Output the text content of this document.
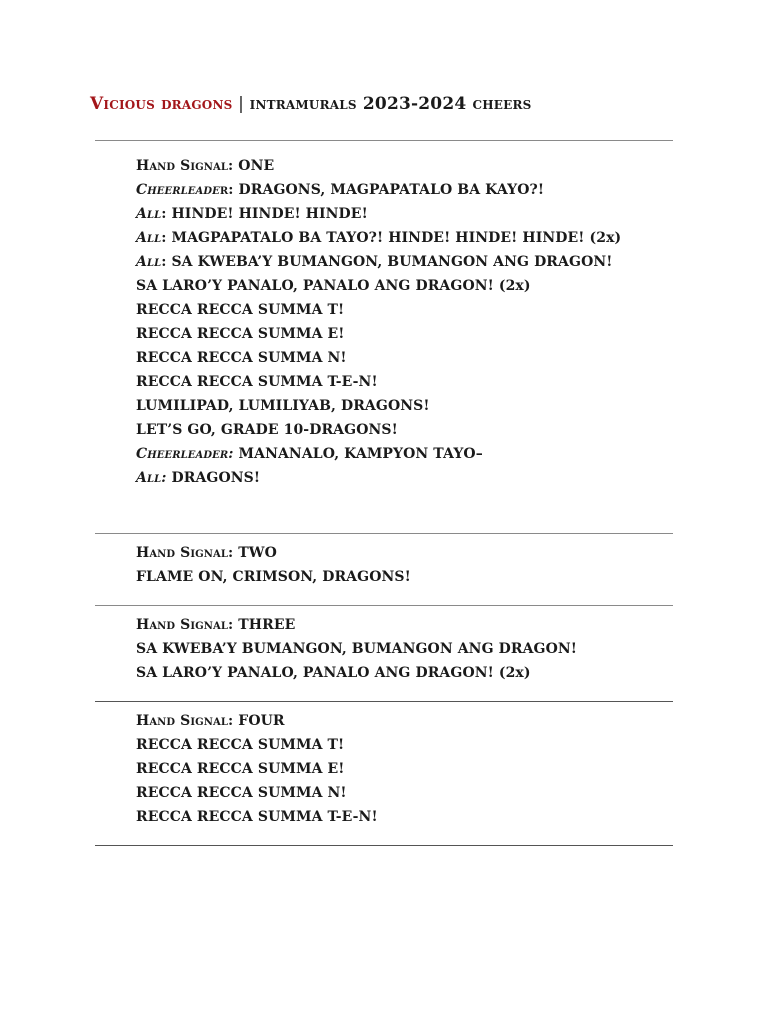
Vicious dragons | intramurals 2023-2024 cheers
Hand Signal: ONE
Cheerleader: DRAGONS, MAGPAPATALO BA KAYO?!
All: HINDE! HINDE! HINDE!
All: MAGPAPATALO BA TAYO?! HINDE! HINDE! HINDE! (2x)
All: SA KWEBA’Y BUMANGON, BUMANGON ANG DRAGON!
SA LARO’Y PANALO, PANALO ANG DRAGON! (2x)
RECCA RECCA SUMMA T!
RECCA RECCA SUMMA E!
RECCA RECCA SUMMA N!
RECCA RECCA SUMMA T-E-N!
LUMILIPAD, LUMILIYAB, DRAGONS!
LET’S GO, GRADE 10-DRAGONS!
Cheerleader: MANANALO, KAMPYON TAYO–
All: DRAGONS!
Hand Signal: TWO
FLAME ON, CRIMSON, DRAGONS!
Hand Signal: THREE
SA KWEBA’Y BUMANGON, BUMANGON ANG DRAGON!
SA LARO’Y PANALO, PANALO ANG DRAGON! (2x)
Hand Signal: FOUR
RECCA RECCA SUMMA T!
RECCA RECCA SUMMA E!
RECCA RECCA SUMMA N!
RECCA RECCA SUMMA T-E-N!
